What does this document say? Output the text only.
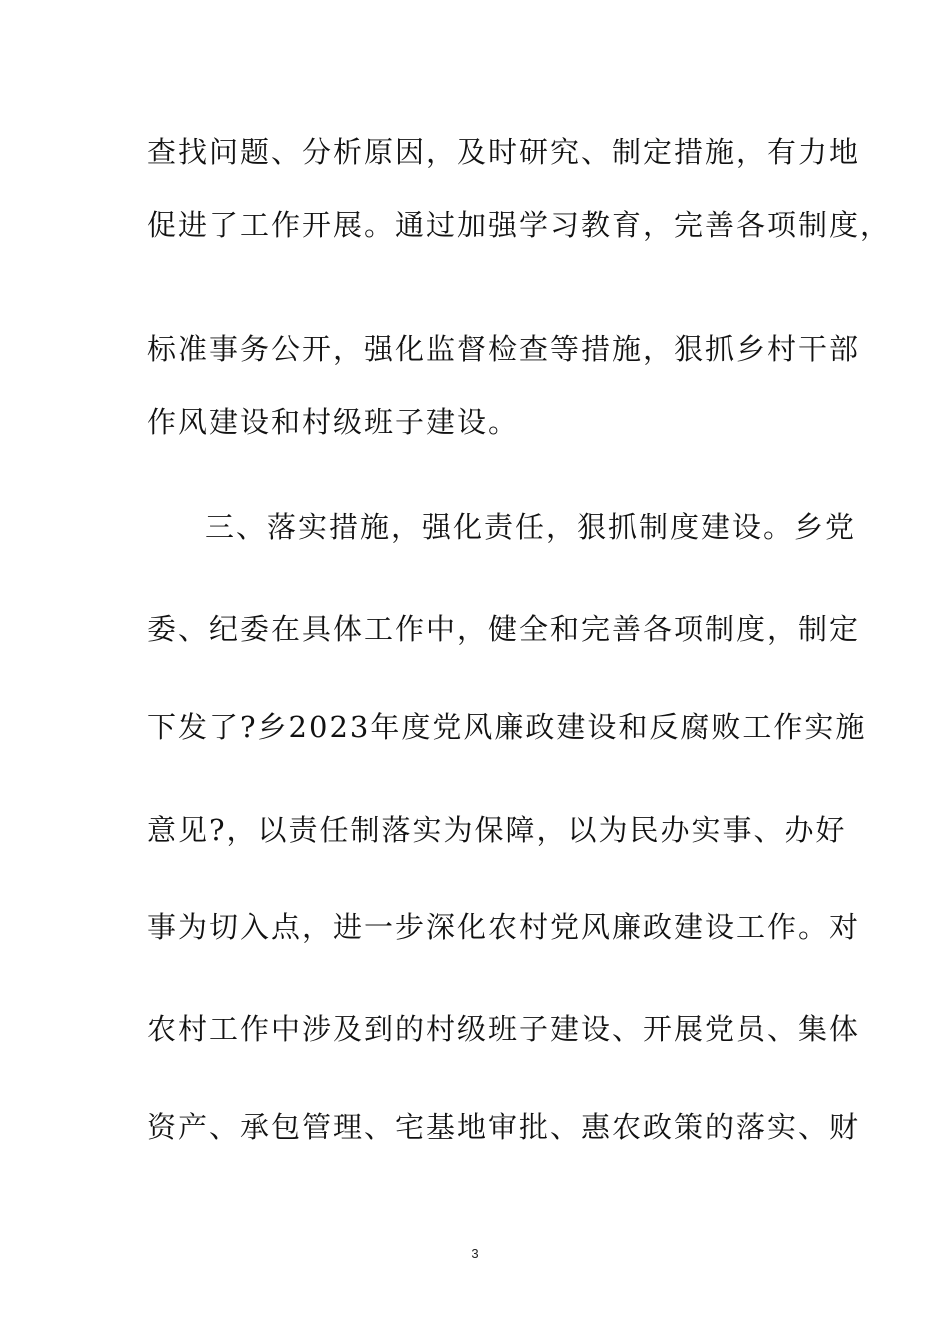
查找问题、分析原因，及时研究、制定措施，有力地
促进了工作开展。通过加强学习教育，完善各项制度，
标准事务公开，强化监督检查等措施，狠抓乡村干部
作风建设和村级班子建设。
三、落实措施，强化责任，狠抓制度建设。乡党
委、纪委在具体工作中，健全和完善各项制度，制定
下发了?乡2023年度党风廉政建设和反腐败工作实施
意见?，以责任制落实为保障，以为民办实事、办好
事为切入点，进一步深化农村党风廉政建设工作。对
农村工作中涉及到的村级班子建设、开展党员、集体
资产、承包管理、宅基地审批、惠农政策的落实、财
3
